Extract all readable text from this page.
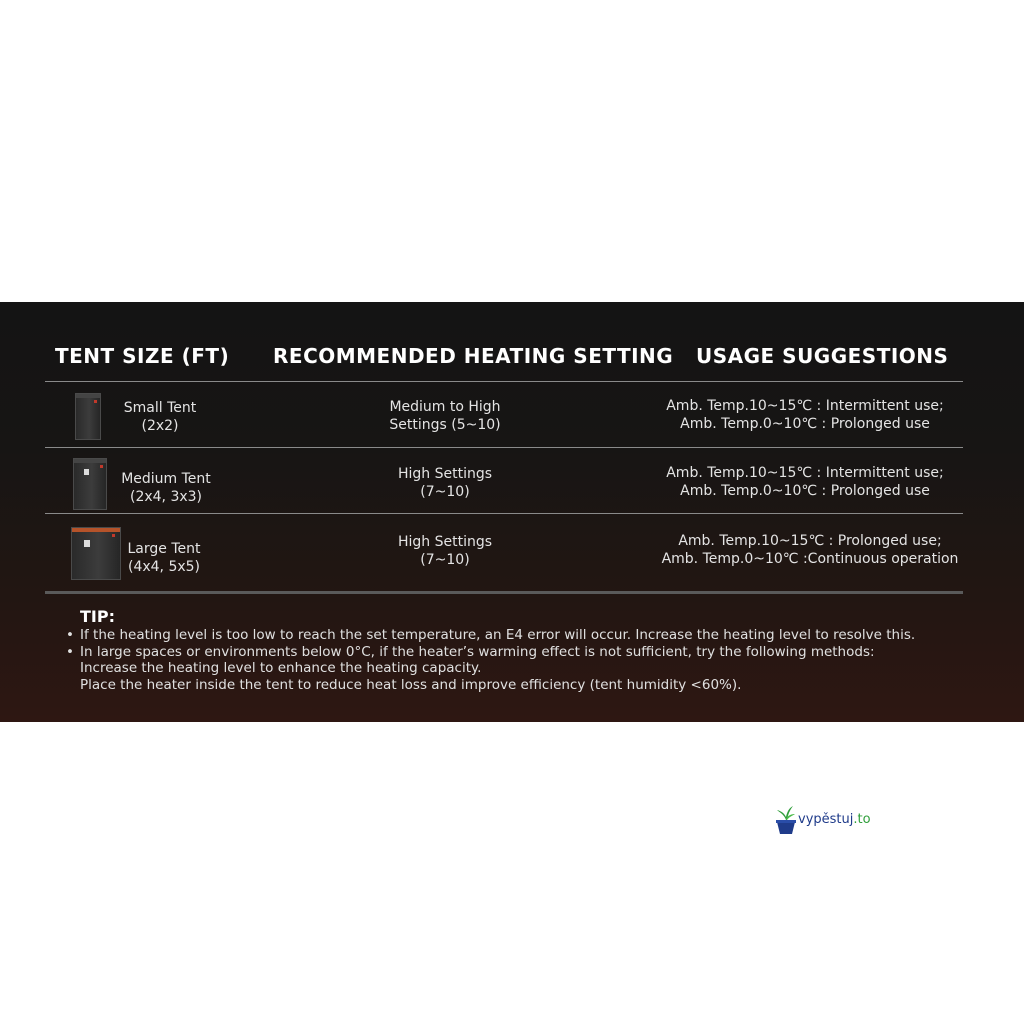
TENT SIZE (FT) RECOMMENDED HEATING SETTING USAGE SUGGESTIONS
Small Tent
(2x2)
Medium to High
Settings (5~10)
Amb. Temp.10~15℃ : Intermittent use;
Amb. Temp.0~10℃ : Prolonged use
Medium Tent
(2x4, 3x3)
High Settings
(7~10)
Amb. Temp.10~15℃ : Intermittent use;
Amb. Temp.0~10℃ : Prolonged use
Large Tent
(4x4, 5x5)
High Settings
(7~10)
Amb. Temp.10~15℃ : Prolonged use;
Amb. Temp.0~10℃ :Continuous operation
TIP:
• If the heating level is too low to reach the set temperature, an E4 error will occur. Increase the heating level to resolve this.
• In large spaces or environments below 0°C, if the heater’s warming effect is not sufficient, try the following methods:
Increase the heating level to enhance the heating capacity.
Place the heater inside the tent to reduce heat loss and improve efficiency (tent humidity <60%).
vypěstuj.to
